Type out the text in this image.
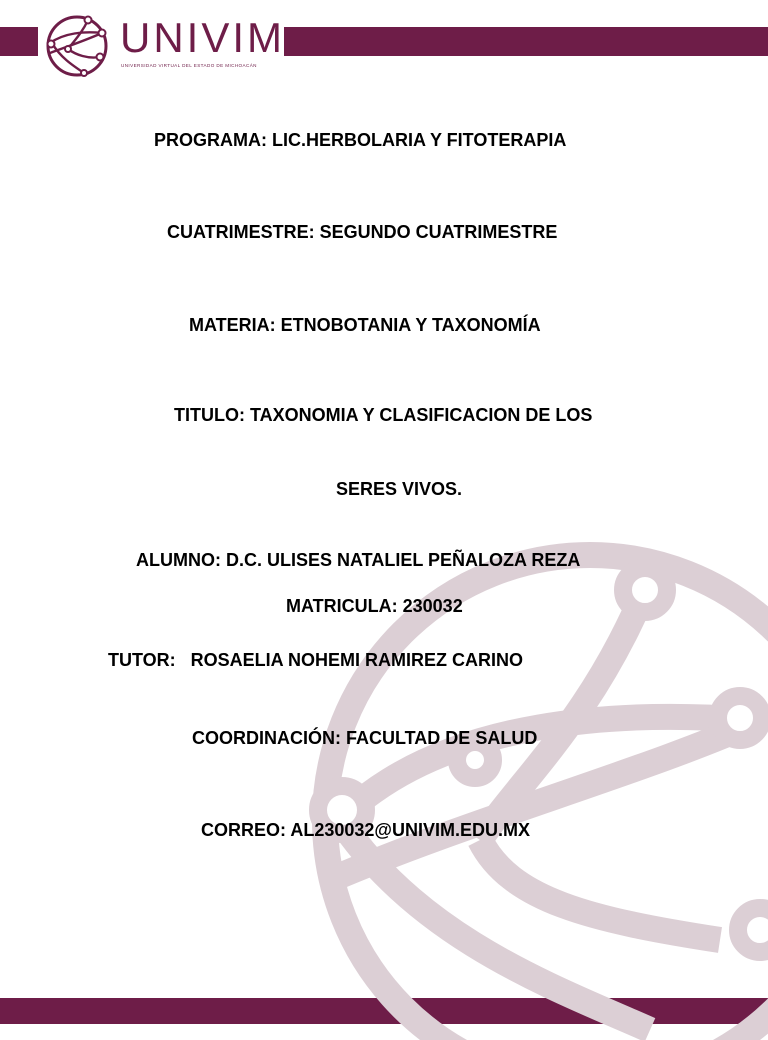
UNIVIM
UNIVERSIDAD VIRTUAL DEL ESTADO DE MICHOACÁN
PROGRAMA: LIC.HERBOLARIA Y FITOTERAPIA
CUATRIMESTRE: SEGUNDO CUATRIMESTRE
MATERIA: ETNOBOTANIA Y TAXONOMÍA
TITULO: TAXONOMIA Y CLASIFICACION DE LOS
SERES VIVOS.
ALUMNO: D.C. ULISES NATALIEL PEÑALOZA REZA
MATRICULA: 230032
TUTOR:   ROSAELIA NOHEMI RAMIREZ CARINO
COORDINACIÓN: FACULTAD DE SALUD
CORREO: AL230032@UNIVIM.EDU.MX
